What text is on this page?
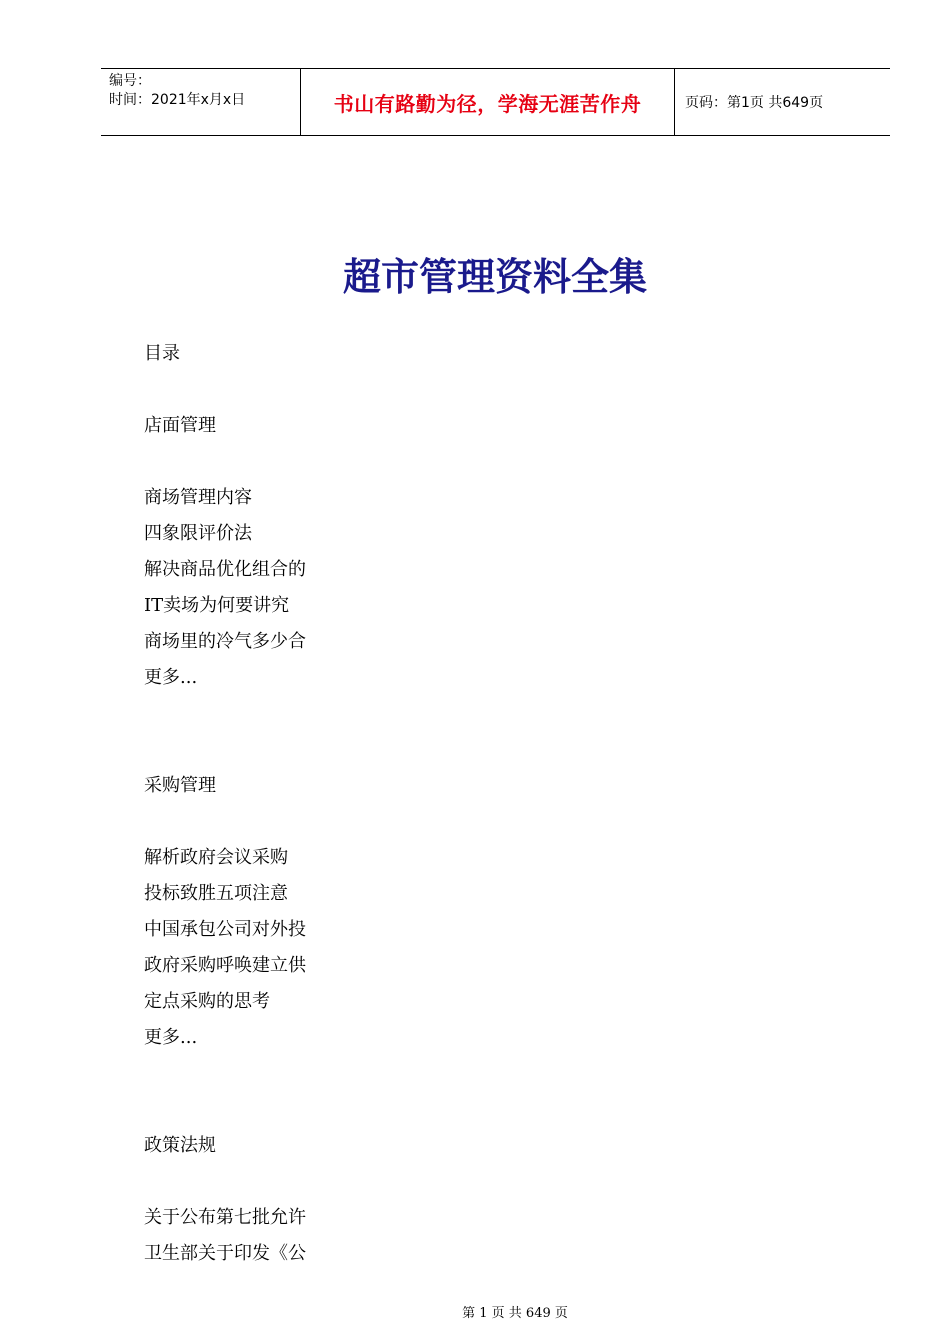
编号：
时间：2021年x月x日	书山有路勤为径，学海无涯苦作舟	页码：第1页 共649页
超市管理资料全集
目录
店面管理
商场管理内容
四象限评价法
解决商品优化组合的
IT卖场为何要讲究
商场里的冷气多少合
更多...
采购管理
解析政府会议采购
投标致胜五项注意
中国承包公司对外投
政府采购呼唤建立供
定点采购的思考
更多...
政策法规
关于公布第七批允许
卫生部关于印发《公
第 1 页 共 649 页
